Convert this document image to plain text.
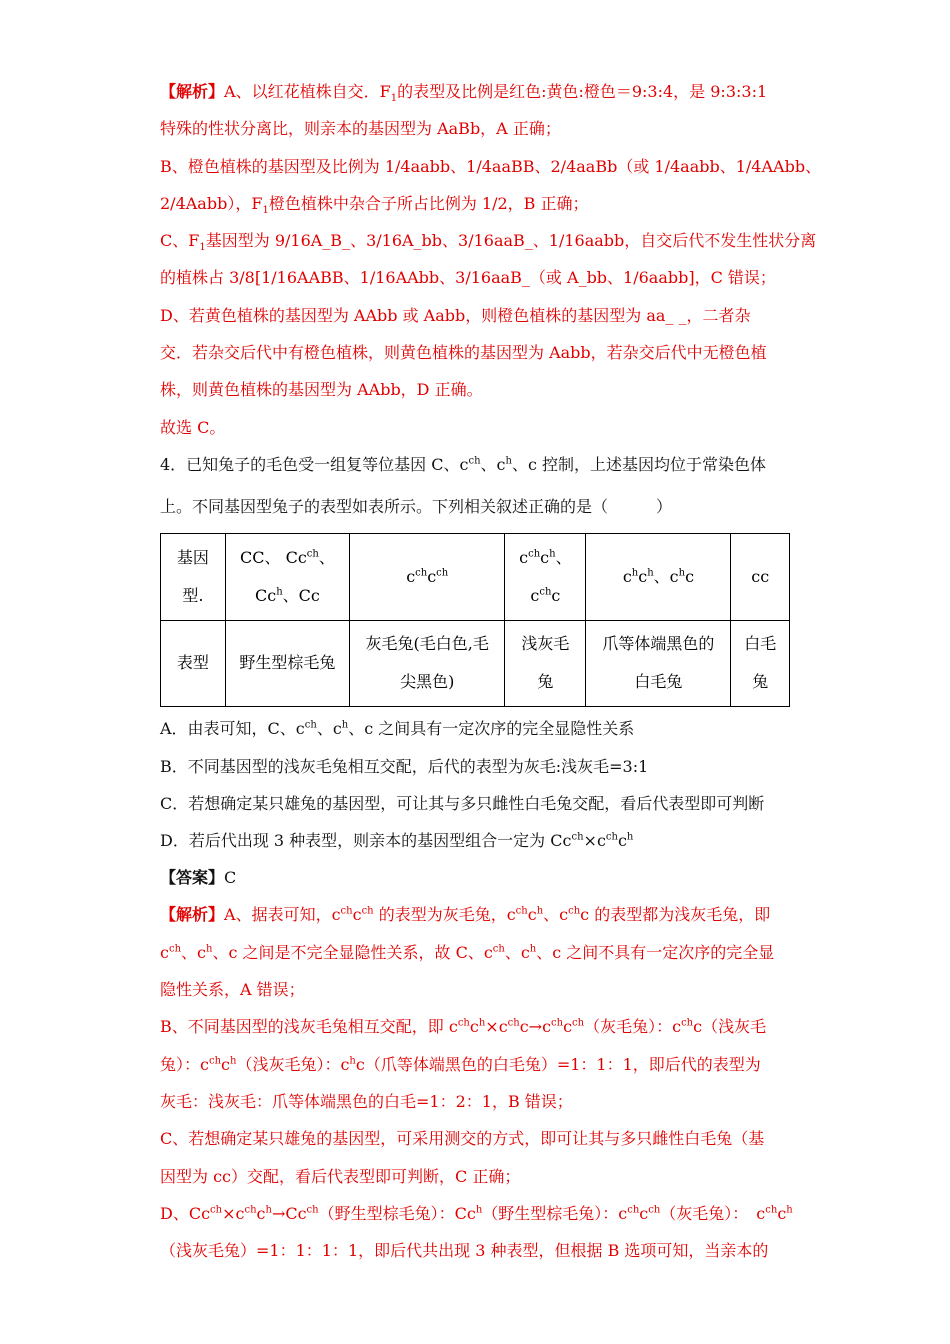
【解析】A、以红花植株自交．$F_1$的表型及比例是红色:黄色:橙色＝9:3:4，是 9:3:3:1
特殊的性状分离比，则亲本的基因型为 AaBb，A 正确；
B、橙色植株的基因型及比例为 1/4aabb、1/4aaBB、2/4aaBb（或 1/4aabb、1/4AAbb、
2/4Aabb），$F_1$橙色植株中杂合子所占比例为 1/2，B 正确；
C、$F_1$基因型为 9/16A_B_、3/16A_bb、3/16aaB_、1/16aabb，自交后代不发生性状分离
的植株占 3/8[1/16AABB、1/16AAbb、3/16aaB_（或 A_bb、1/6aabb]，C 错误；
D、若黄色植株的基因型为 AAbb 或 Aabb，则橙色植株的基因型为 aa_ _，二者杂
交．若杂交后代中有橙色植株，则黄色植株的基因型为 Aabb，若杂交后代中无橙色植
株，则黄色植株的基因型为 AAbb，D 正确。
故选 C。
4．已知兔子的毛色受一组复等位基因 C、$c^{ch}$、$c^h$、c 控制，上述基因均位于常染色体
上。不同基因型兔子的表型如表所示。下列相关叙述正确的是（　　　）
基因
型.	CC、 $Cc^{ch}$、
Cc$^h$、Cc	$c^{ch}c^{ch}$	$c^{ch}c^h$、
$c^{ch}c$	$c^hc^h$、$c^hc$	cc
表型	野生型棕毛兔	灰毛兔(毛白色,毛
尖黑色)	浅灰毛
兔	爪等体端黑色的
白毛兔	白毛
兔
A．由表可知，C、$c^{ch}$、$c^h$、c 之间具有一定次序的完全显隐性关系
B．不同基因型的浅灰毛兔相互交配，后代的表型为灰毛:浅灰毛=3:1
C．若想确定某只雄兔的基因型，可让其与多只雌性白毛兔交配，看后代表型即可判断
D．若后代出现 3 种表型，则亲本的基因型组合一定为 $Cc^{ch}\times c^{ch}c^h$
【答案】C
【解析】A、据表可知，$c^{ch}c^{ch}$ 的表型为灰毛兔，$c^{ch}c^h$、$c^{ch}c$ 的表型都为浅灰毛兔，即
$c^{ch}$、$c^h$、c 之间是不完全显隐性关系，故 C、$c^{ch}$、$c^h$、c 之间不具有一定次序的完全显
隐性关系，A 错误；
B、不同基因型的浅灰毛兔相互交配，即 $c^{ch}c^h\times c^{ch}c\to c^{ch}c^{ch}$（灰毛兔）：$c^{ch}c$（浅灰毛
兔）：$c^{ch}c^h$（浅灰毛兔）：$c^hc$（爪等体端黑色的白毛兔）=1：1：1，即后代的表型为
灰毛：浅灰毛：爪等体端黑色的白毛=1：2：1，B 错误；
C、若想确定某只雄兔的基因型，可采用测交的方式，即可让其与多只雌性白毛兔（基
因型为 cc）交配，看后代表型即可判断，C 正确；
D、$Cc^{ch}\times c^{ch}c^h\to Cc^{ch}$（野生型棕毛兔）：Cc$^h$（野生型棕毛兔）：$c^{ch}c^{ch}$（灰毛兔）：　$c^{ch}c^h$
（浅灰毛兔）=1：1：1：1，即后代共出现 3 种表型，但根据 B 选项可知，当亲本的
